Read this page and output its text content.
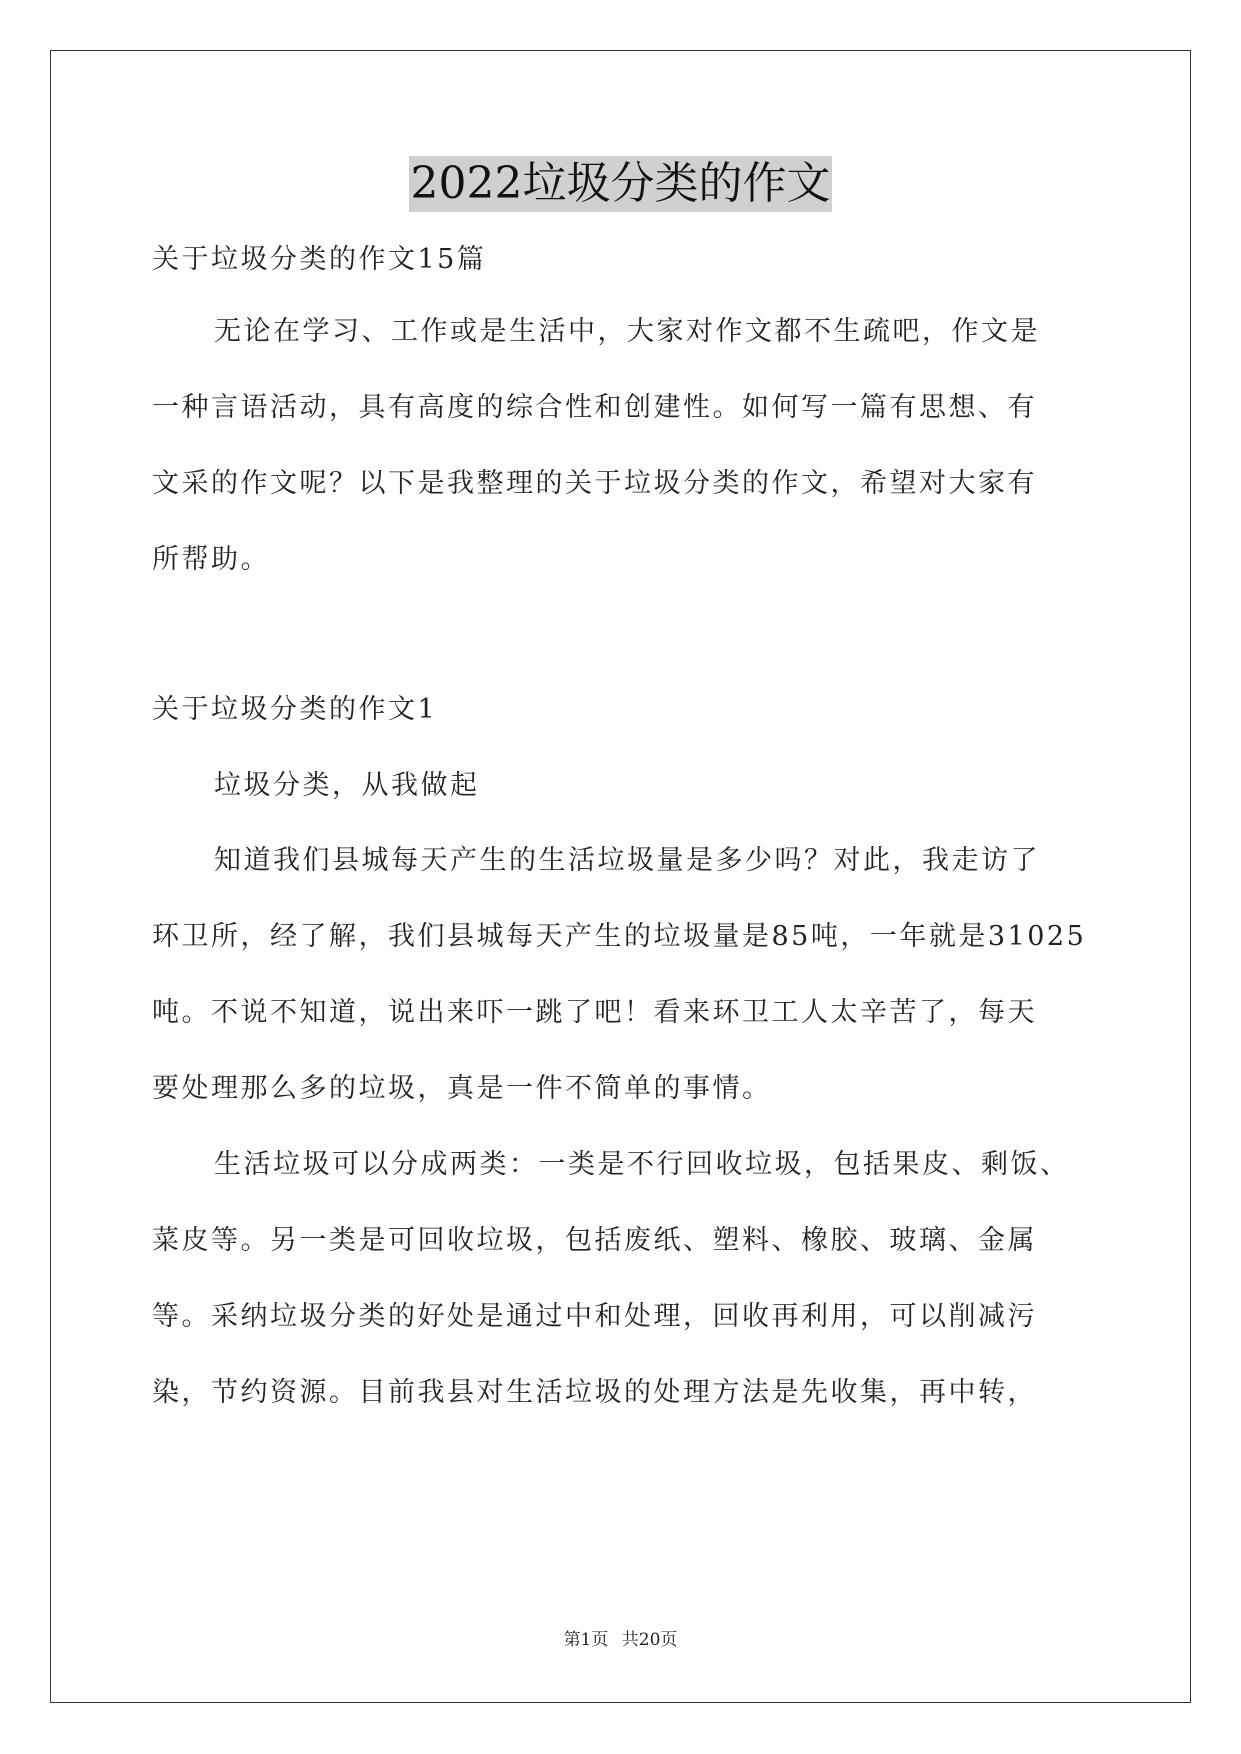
2022垃圾分类的作文
关于垃圾分类的作文15篇
无论在学习、工作或是生活中，大家对作文都不生疏吧，作文是
一种言语活动，具有高度的综合性和创建性。如何写一篇有思想、有
文采的作文呢？以下是我整理的关于垃圾分类的作文，希望对大家有
所帮助。
关于垃圾分类的作文1
垃圾分类，从我做起
知道我们县城每天产生的生活垃圾量是多少吗？对此，我走访了
环卫所，经了解，我们县城每天产生的垃圾量是85吨，一年就是31025
吨。不说不知道，说出来吓一跳了吧！看来环卫工人太辛苦了，每天
要处理那么多的垃圾，真是一件不简单的事情。
生活垃圾可以分成两类：一类是不行回收垃圾，包括果皮、剩饭、
菜皮等。另一类是可回收垃圾，包括废纸、塑料、橡胶、玻璃、金属
等。采纳垃圾分类的好处是通过中和处理，回收再利用，可以削减污
染，节约资源。目前我县对生活垃圾的处理方法是先收集，再中转，
第1页 共20页
